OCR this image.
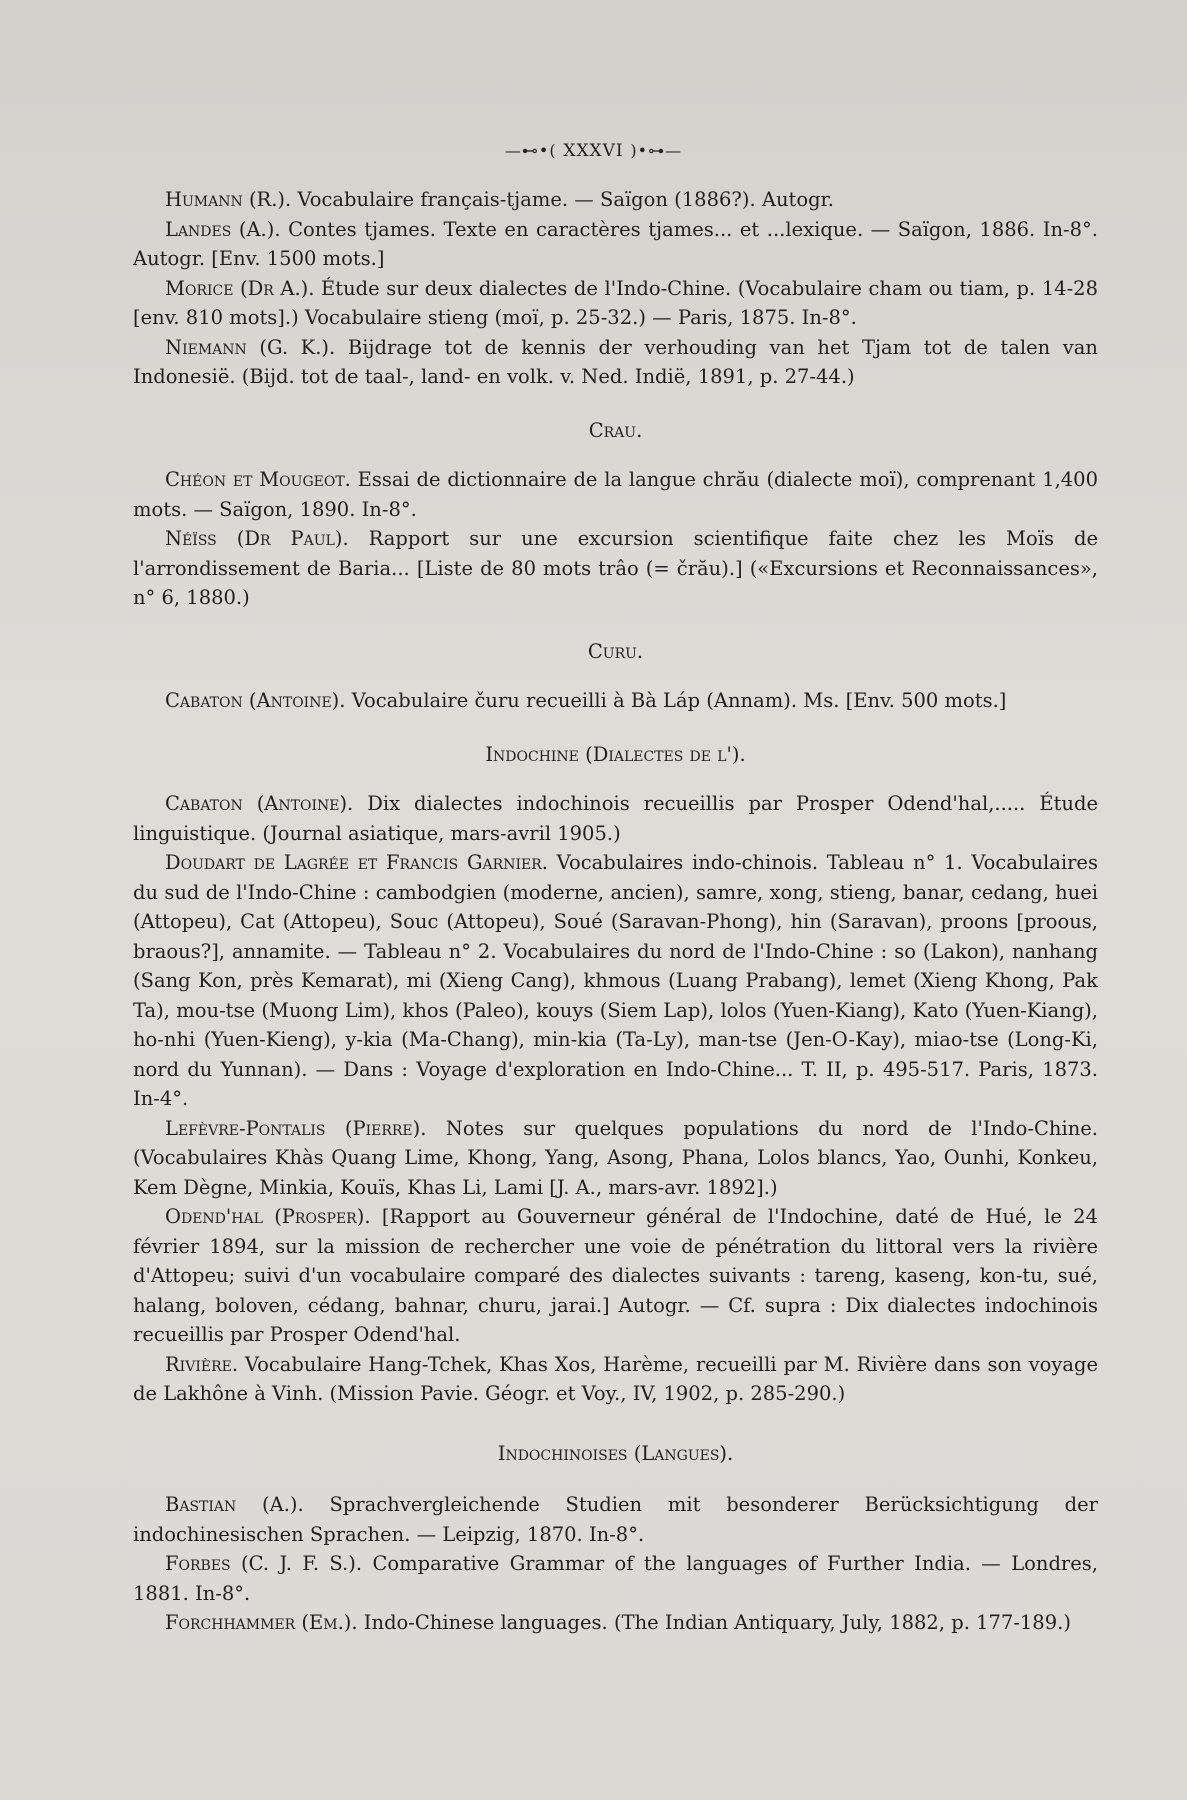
—⊷•( XXXVI )•⊶—

Humann (R.). Vocabulaire français-tjame. — Saïgon (1886?). Autogr.

Landes (A.). Contes tjames. Texte en caractères tjames... et ...lexique. — Saïgon, 1886. In-8°. Autogr. [Env. 1500 mots.]

Morice (Dr A.). Étude sur deux dialectes de l'Indo-Chine. (Vocabulaire cham ou tiam, p. 14-28 [env. 810 mots].) Vocabulaire stieng (moï, p. 25-32.) — Paris, 1875. In-8°.

Niemann (G. K.). Bijdrage tot de kennis der verhouding van het Tjam tot de talen van Indonesië. (Bijd. tot de taal-, land- en volk. v. Ned. Indië, 1891, p. 27-44.)

Crau.

Chéon et Mougeot. Essai de dictionnaire de la langue chrău (dialecte moï), comprenant 1,400 mots. — Saïgon, 1890. In-8°.

Néïss (Dr Paul). Rapport sur une excursion scientifique faite chez les Moïs de l'arrondissement de Baria... [Liste de 80 mots trâo (= črău).] («Excursions et Reconnaissances», n° 6, 1880.)

Curu.

Cabaton (Antoine). Vocabulaire čuru recueilli à Bà Láp (Annam). Ms. [Env. 500 mots.]

Indochine (Dialectes de l').

Cabaton (Antoine). Dix dialectes indochinois recueillis par Prosper Odend'hal,..... Étude linguistique. (Journal asiatique, mars-avril 1905.)

Doudart de Lagrée et Francis Garnier. Vocabulaires indo-chinois. Tableau n° 1. Vocabulaires du sud de l'Indo-Chine : cambodgien (moderne, ancien), samre, xong, stieng, banar, cedang, huei (Attopeu), Cat (Attopeu), Souc (Attopeu), Soué (Saravan-Phong), hin (Saravan), proons [proous, braous?], annamite. — Tableau n° 2. Vocabulaires du nord de l'Indo-Chine : so (Lakon), nanhang (Sang Kon, près Kemarat), mi (Xieng Cang), khmous (Luang Prabang), lemet (Xieng Khong, Pak Ta), mou-tse (Muong Lim), khos (Paleo), kouys (Siem Lap), lolos (Yuen-Kiang), Kato (Yuen-Kiang), ho-nhi (Yuen-Kieng), y-kia (Ma-Chang), min-kia (Ta-Ly), man-tse (Jen-O-Kay), miao-tse (Long-Ki, nord du Yunnan). — Dans : Voyage d'exploration en Indo-Chine... T. II, p. 495-517. Paris, 1873. In-4°.

Lefèvre-Pontalis (Pierre). Notes sur quelques populations du nord de l'Indo-Chine. (Vocabulaires Khàs Quang Lime, Khong, Yang, Asong, Phana, Lolos blancs, Yao, Ounhi, Konkeu, Kem Dègne, Minkia, Kouïs, Khas Li, Lami [J. A., mars-avr. 1892].)

Odend'hal (Prosper). [Rapport au Gouverneur général de l'Indochine, daté de Hué, le 24 février 1894, sur la mission de rechercher une voie de pénétration du littoral vers la rivière d'Attopeu; suivi d'un vocabulaire comparé des dialectes suivants : tareng, kaseng, kon-tu, sué, halang, boloven, cédang, bahnar, churu, jarai.] Autogr. — Cf. supra : Dix dialectes indochinois recueillis par Prosper Odend'hal.

Rivière. Vocabulaire Hang-Tchek, Khas Xos, Harème, recueilli par M. Rivière dans son voyage de Lakhône à Vinh. (Mission Pavie. Géogr. et Voy., IV, 1902, p. 285-290.)

Indochinoises (Langues).

Bastian (A.). Sprachvergleichende Studien mit besonderer Berücksichtigung der indochinesischen Sprachen. — Leipzig, 1870. In-8°.

Forbes (C. J. F. S.). Comparative Grammar of the languages of Further India. — Londres, 1881. In-8°.

Forchhammer (Em.). Indo-Chinese languages. (The Indian Antiquary, July, 1882, p. 177-189.)
